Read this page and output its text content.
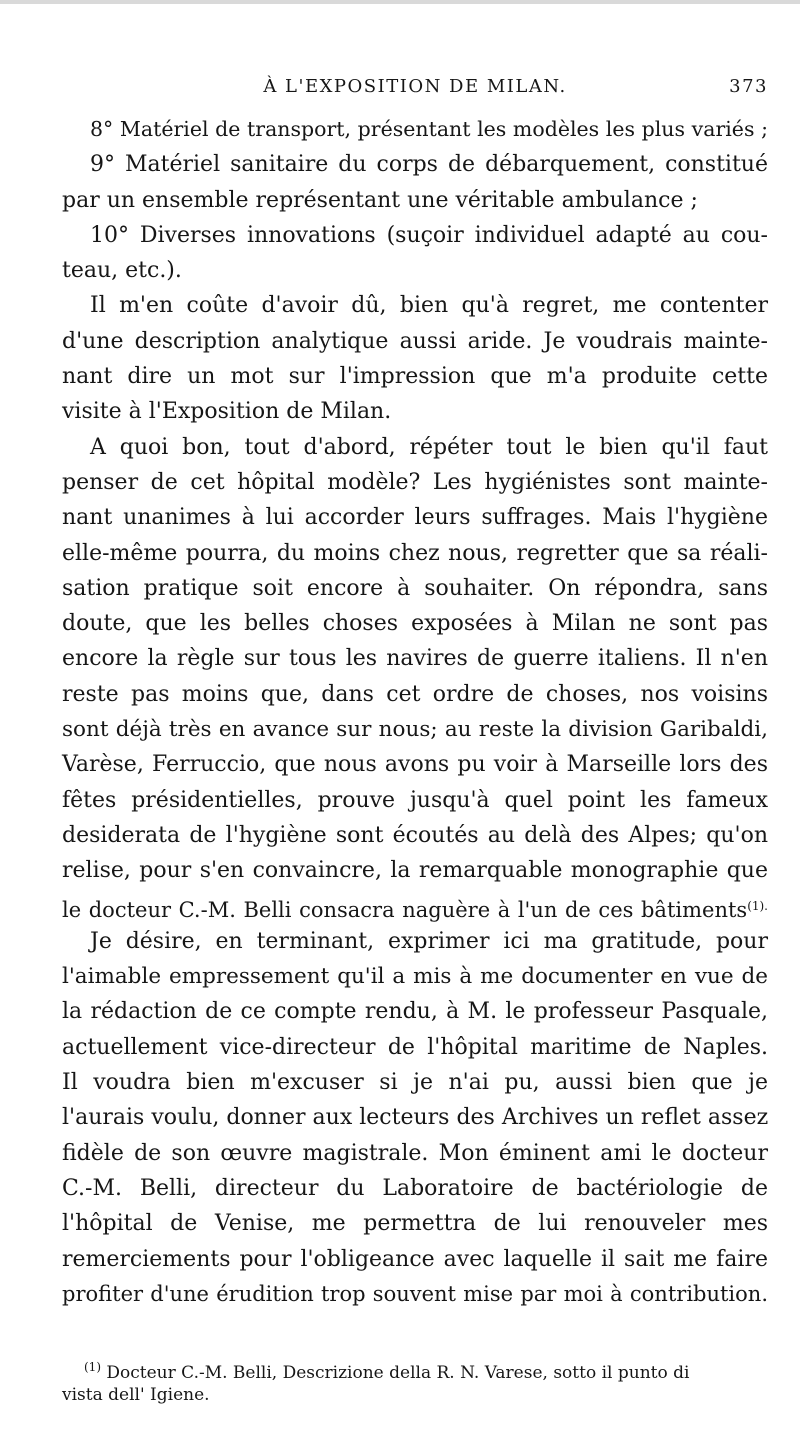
À L'EXPOSITION DE MILAN.	373
8° Matériel de transport, présentant les modèles les plus variés ;
9° Matériel sanitaire du corps de débarquement, constitué
par un ensemble représentant une véritable ambulance ;
10° Diverses innovations (suçoir individuel adapté au cou-
teau, etc.).
Il m'en coûte d'avoir dû, bien qu'à regret, me contenter
d'une description analytique aussi aride. Je voudrais mainte-
nant dire un mot sur l'impression que m'a produite cette
visite à l'Exposition de Milan.
A quoi bon, tout d'abord, répéter tout le bien qu'il faut
penser de cet hôpital modèle? Les hygiénistes sont mainte-
nant unanimes à lui accorder leurs suffrages. Mais l'hygiène
elle-même pourra, du moins chez nous, regretter que sa réali-
sation pratique soit encore à souhaiter. On répondra, sans
doute, que les belles choses exposées à Milan ne sont pas
encore la règle sur tous les navires de guerre italiens. Il n'en
reste pas moins que, dans cet ordre de choses, nos voisins
sont déjà très en avance sur nous; au reste la division Garibaldi,
Varèse, Ferruccio, que nous avons pu voir à Marseille lors des
fêtes présidentielles, prouve jusqu'à quel point les fameux
desiderata de l'hygiène sont écoutés au delà des Alpes; qu'on
relise, pour s'en convaincre, la remarquable monographie que
le docteur C.-M. Belli consacra naguère à l'un de ces bâtiments$^{(1).}$
Je désire, en terminant, exprimer ici ma gratitude, pour
l'aimable empressement qu'il a mis à me documenter en vue de
la rédaction de ce compte rendu, à M. le professeur Pasquale,
actuellement vice-directeur de l'hôpital maritime de Naples.
Il voudra bien m'excuser si je n'ai pu, aussi bien que je
l'aurais voulu, donner aux lecteurs des Archives un reflet assez
fidèle de son œuvre magistrale. Mon éminent ami le docteur
C.-M. Belli, directeur du Laboratoire de bactériologie de
l'hôpital de Venise, me permettra de lui renouveler mes
remerciements pour l'obligeance avec laquelle il sait me faire
profiter d'une érudition trop souvent mise par moi à contribution.
$^{(1)}$ Docteur C.-M. Belli, Descrizione della R. N. Varese, sotto il punto di
vista dell' Igiene.
